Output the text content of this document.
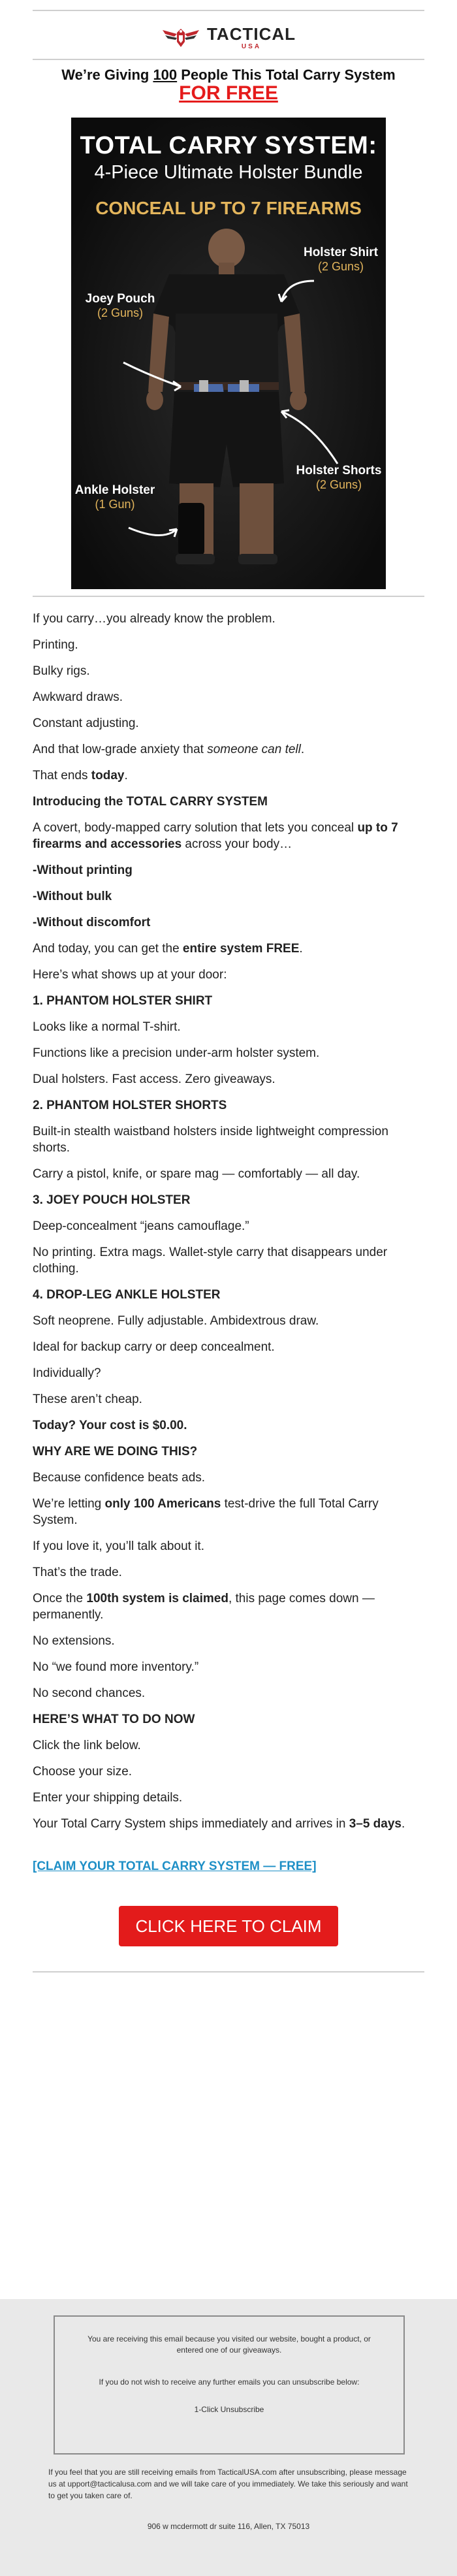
TACTICAL
USA
We’re Giving 100 People This Total Carry System
FOR FREE
TOTAL CARRY SYSTEM:
4-Piece Ultimate Holster Bundle
CONCEAL UP TO 7 FIREARMS
Holster Shirt
(2 Guns)
Joey Pouch
(2 Guns)
Holster Shorts
(2 Guns)
Ankle Holster
(1 Gun)

If you carry…you already know the problem.

Printing.

Bulky rigs.

Awkward draws.

Constant adjusting.

And that low-grade anxiety that someone can tell.

That ends today.

Introducing the TOTAL CARRY SYSTEM

A covert, body-mapped carry solution that lets you conceal up to 7 firearms and accessories across your body…

-Without printing

-Without bulk

-Without discomfort

And today, you can get the entire system FREE.

Here’s what shows up at your door:

1. PHANTOM HOLSTER SHIRT

Looks like a normal T-shirt.

Functions like a precision under-arm holster system.

Dual holsters. Fast access. Zero giveaways.

2. PHANTOM HOLSTER SHORTS

Built-in stealth waistband holsters inside lightweight compression shorts.

Carry a pistol, knife, or spare mag — comfortably — all day.

3. JOEY POUCH HOLSTER

Deep-concealment “jeans camouflage.”

No printing. Extra mags. Wallet-style carry that disappears under clothing.

4. DROP-LEG ANKLE HOLSTER

Soft neoprene. Fully adjustable. Ambidextrous draw.

Ideal for backup carry or deep concealment.

Individually?

These aren’t cheap.

Today? Your cost is $0.00.

WHY ARE WE DOING THIS?

Because confidence beats ads.

We’re letting only 100 Americans test-drive the full Total Carry System.

If you love it, you’ll talk about it.

That’s the trade.

Once the 100th system is claimed, this page comes down — permanently.

No extensions.

No “we found more inventory.”

No second chances.

HERE’S WHAT TO DO NOW

Click the link below.

Choose your size.

Enter your shipping details.

Your Total Carry System ships immediately and arrives in 3–5 days.

[CLAIM YOUR TOTAL CARRY SYSTEM — FREE]

CLICK HERE TO CLAIM
You are receiving this email because you visited our website, bought a product, or entered one of our giveaways.
If you do not wish to receive any further emails you can unsubscribe below:
1-Click Unsubscribe
If you feel that you are still receiving emails from TacticalUSA.com after unsubscribing, please message us at upport@tacticalusa.com and we will take care of you immediately. We take this seriously and want to get you taken care of.
906 w mcdermott dr suite 116, Allen, TX 75013
